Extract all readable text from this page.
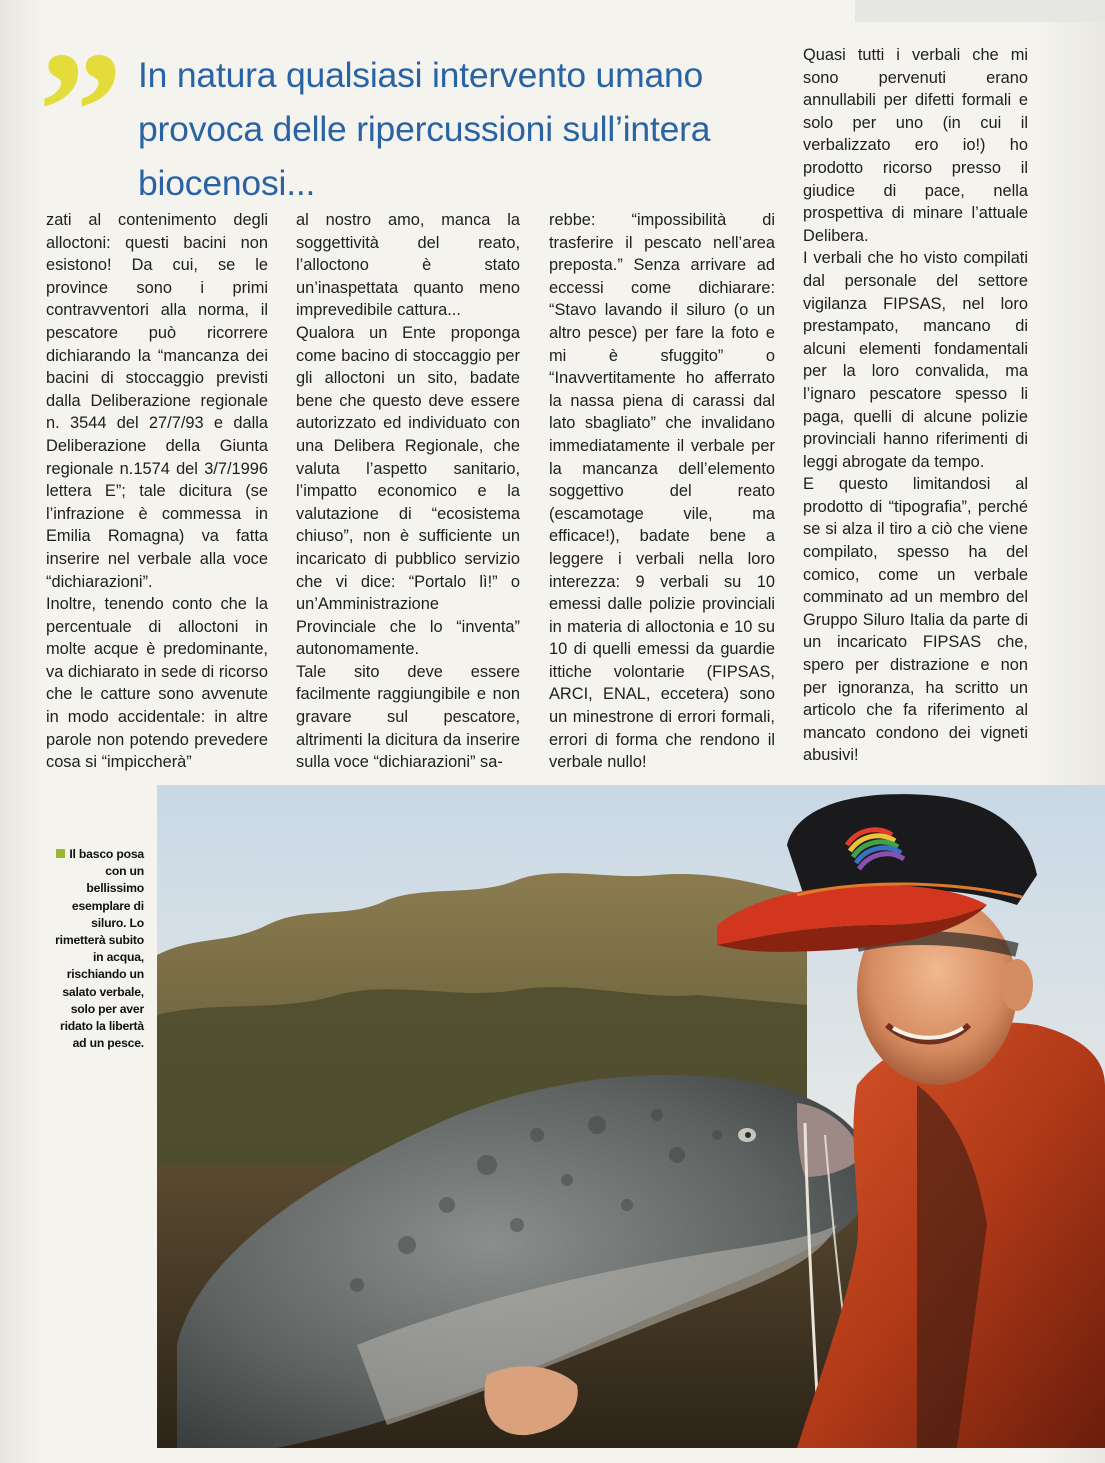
” In natura qualsiasi intervento umano provoca delle ripercussioni sull’intera biocenosi...
zati al contenimento degli alloctoni: questi bacini non esistono! Da cui, se le province sono i primi contravventori alla norma, il pescatore può ricorrere dichiarando la “mancanza dei bacini di stoccaggio previsti dalla Deliberazione regionale n. 3544 del 27/7/93 e dalla Deliberazione della Giunta regionale n.1574 del 3/7/1996 lettera E”; tale dicitura (se l’infrazione è commessa in Emilia Romagna) va fatta inserire nel verbale alla voce “dichiarazioni”.
Inoltre, tenendo conto che la percentuale di alloctoni in molte acque è predominante, va dichiarato in sede di ricorso che le catture sono avvenute in modo accidentale: in altre parole non potendo prevedere cosa si “impiccherà”
al nostro amo, manca la soggettività del reato, l’alloctono è stato un’inaspettata quanto meno imprevedibile cattura...
Qualora un Ente proponga come bacino di stoccaggio per gli alloctoni un sito, badate bene che questo deve essere autorizzato ed individuato con una Delibera Regionale, che valuta l’aspetto sanitario, l’impatto economico e la valutazione di “ecosistema chiuso”, non è sufficiente un incaricato di pubblico servizio che vi dice: “Portalo lì!” o un’Amministrazione Provinciale che lo “inventa” autonomamente.
Tale sito deve essere facilmente raggiungibile e non gravare sul pescatore, altrimenti la dicitura da inserire sulla voce “dichiarazioni” sa-
rebbe: “impossibilità di trasferire il pescato nell’area preposta.” Senza arrivare ad eccessi come dichiarare: “Stavo lavando il siluro (o un altro pesce) per fare la foto e mi è sfuggito” o “Inavvertitamente ho afferrato la nassa piena di carassi dal lato sbagliato” che invalidano immediatamente il verbale per la mancanza dell’elemento soggettivo del reato (escamotage vile, ma efficace!), badate bene a leggere i verbali nella loro interezza: 9 verbali su 10 emessi dalle polizie provinciali in materia di alloctonia e 10 su 10 di quelli emessi da guardie ittiche volontarie (FIPSAS, ARCI, ENAL, eccetera) sono un minestrone di errori formali, errori di forma che rendono il verbale nullo!
Quasi tutti i verbali che mi sono pervenuti erano annullabili per difetti formali e solo per uno (in cui il verbalizzato ero io!) ho prodotto ricorso presso il giudice di pace, nella prospettiva di minare l’attuale Delibera.
I verbali che ho visto compilati dal personale del settore vigilanza FIPSAS, nel loro prestampato, mancano di alcuni elementi fondamentali per la loro convalida, ma l’ignaro pescatore spesso li paga, quelli di alcune polizie provinciali hanno riferimenti di leggi abrogate da tempo.
E questo limitandosi al prodotto di “tipografia”, perché se si alza il tiro a ciò che viene compilato, spesso ha del comico, come un verbale comminato ad un membro del Gruppo Siluro Italia da parte di un incaricato FIPSAS che, spero per distrazione e non per ignoranza, ha scritto un articolo che fa riferimento al mancato condono dei vigneti abusivi!
Il basco posa con un bellissimo esemplare di siluro. Lo rimetterà subito in acqua, rischiando un salato verbale, solo per aver ridato la libertà ad un pesce.
